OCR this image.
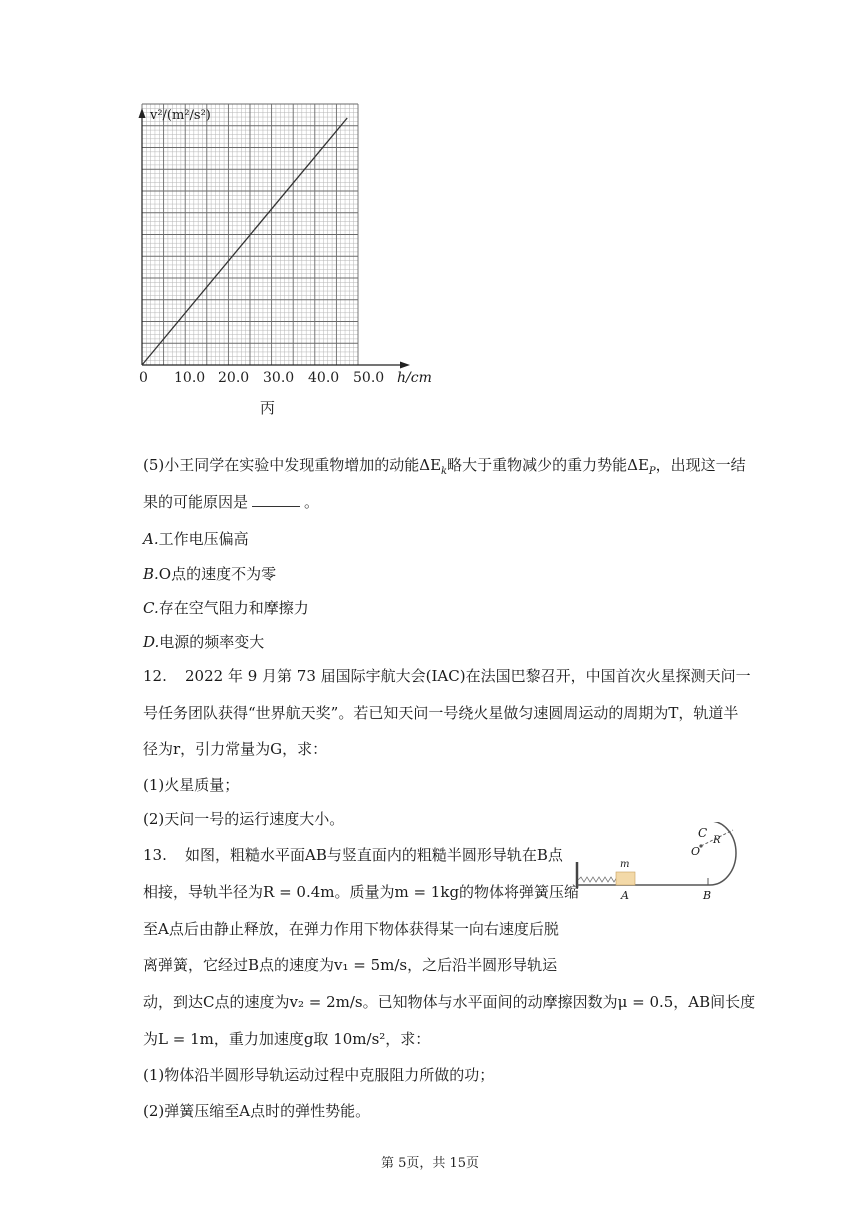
v²/(m²/s²)
h/cm
0 10.0 20.0 30.0 40.0 50.0
丙
(5)小王同学在实验中发现重物增加的动能$\Delta E_k$略大于重物减少的重力势能$\Delta E_P$，出现这一结
果的可能原因是	。
A.工作电压偏高
B.O点的速度不为零
C.存在空气阻力和摩擦力
D.电源的频率变大
12. 2022 年 9 月第 73 届国际宇航大会(IAC)在法国巴黎召开，中国首次火星探测天问一
号任务团队获得“世界航天奖”。若已知天问一号绕火星做匀速圆周运动的周期为T，轨道半
径为r，引力常量为G，求：
(1)火星质量；
(2)天问一号的运行速度大小。
13. 如图，粗糙水平面AB与竖直面内的粗糙半圆形导轨在B点
相接，导轨半径为R = 0.4m。质量为m = 1kg的物体将弹簧压缩
至A点后由静止释放，在弹力作用下物体获得某一向右速度后脱
离弹簧，它经过B点的速度为v₁ = 5m/s，之后沿半圆形导轨运
动，到达C点的速度为v₂ = 2m/s。已知物体与水平面间的动摩擦因数为μ = 0.5，AB间长度
为L = 1m，重力加速度g取 10m/s²，求：
(1)物体沿半圆形导轨运动过程中克服阻力所做的功；
(2)弹簧压缩至A点时的弹性势能。
C
R
O
m
A	B
第 5页，共 15页
